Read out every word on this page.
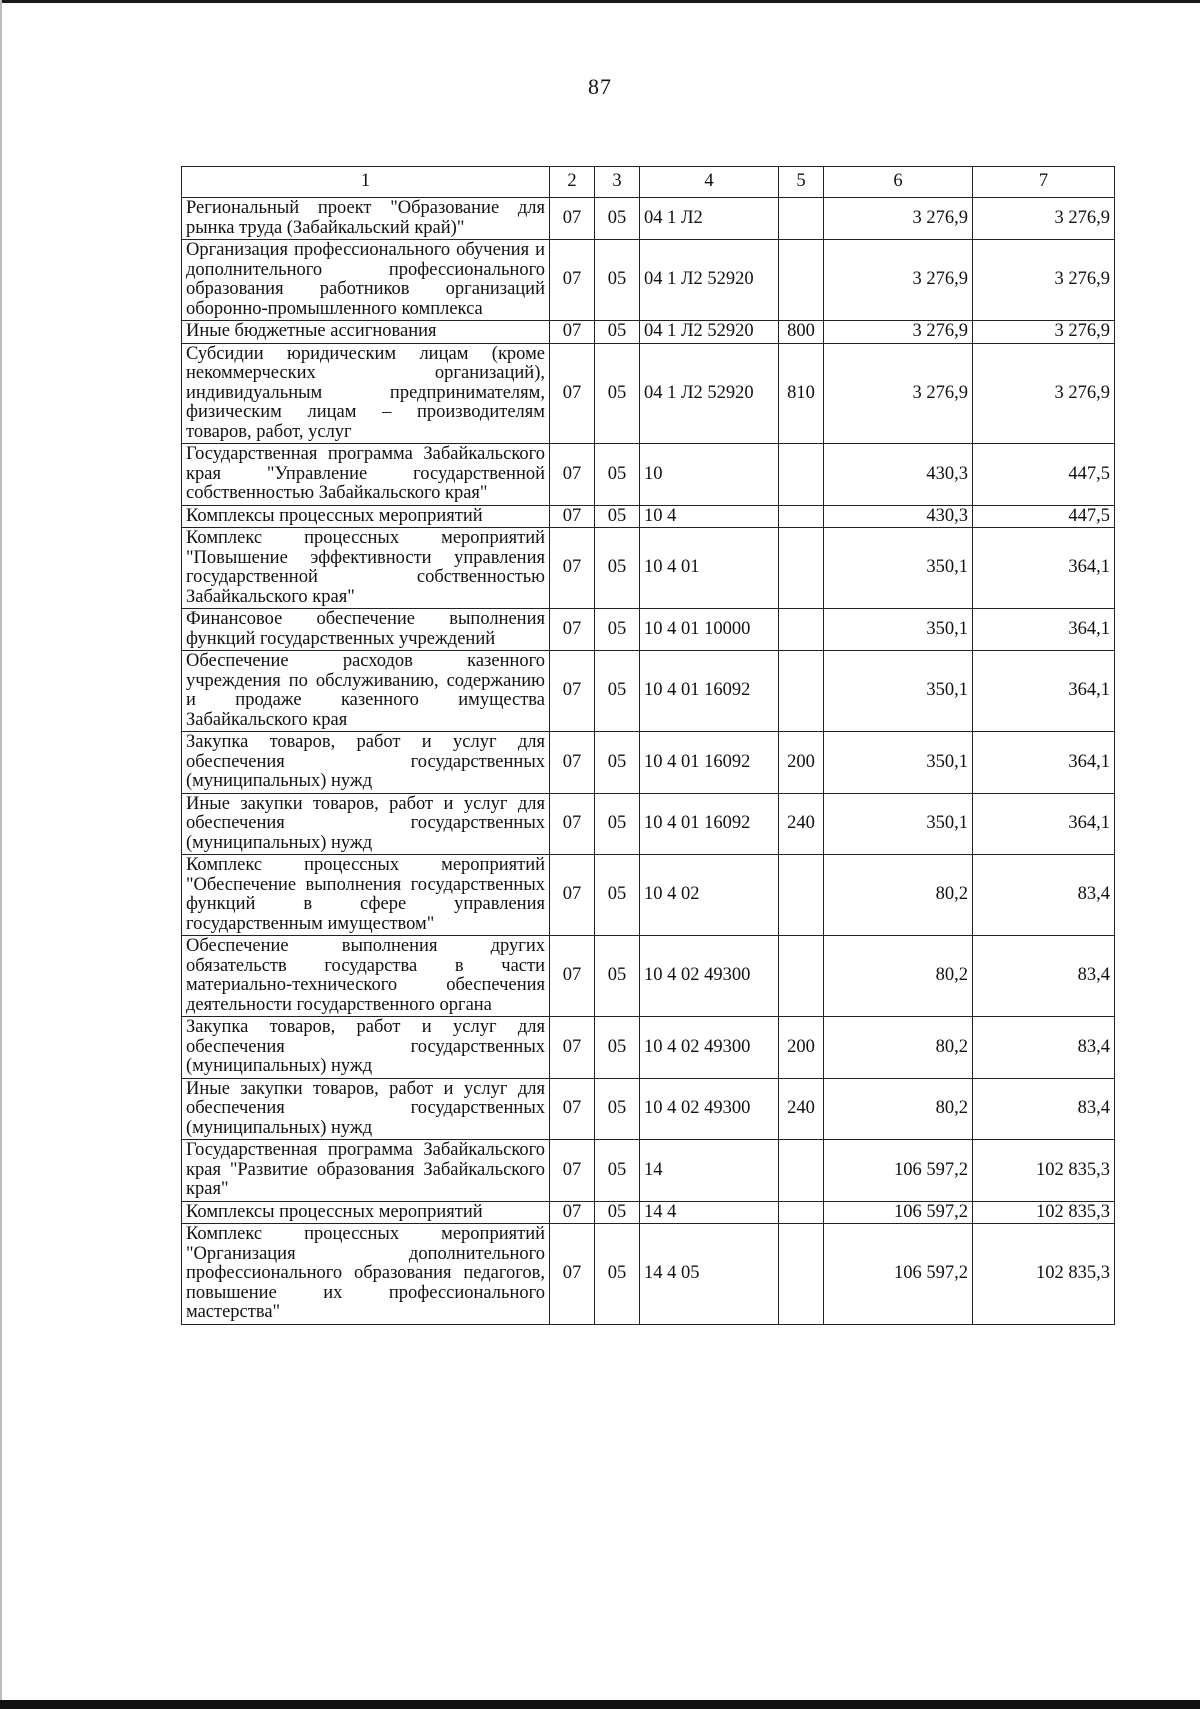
87
1	2	3	4	5	6	7
Региональный проект "Образование для рынка труда (Забайкальский край)"	07	05	04 1 Л2		3 276,9	3 276,9
Организация профессионального обучения и дополнительного профессионального образования работников организаций оборонно-промышленного комплекса	07	05	04 1 Л2 52920		3 276,9	3 276,9
Иные бюджетные ассигнования	07	05	04 1 Л2 52920	800	3 276,9	3 276,9
Субсидии юридическим лицам (кроме некоммерческих организаций), индивидуальным предпринимателям, физическим лицам – производителям товаров, работ, услуг	07	05	04 1 Л2 52920	810	3 276,9	3 276,9
Государственная программа Забайкальского края "Управление государственной собственностью Забайкальского края"	07	05	10		430,3	447,5
Комплексы процессных мероприятий	07	05	10 4		430,3	447,5
Комплекс процессных мероприятий "Повышение эффективности управления государственной собственностью Забайкальского края"	07	05	10 4 01		350,1	364,1
Финансовое обеспечение выполнения функций государственных учреждений	07	05	10 4 01 10000		350,1	364,1
Обеспечение расходов казенного учреждения по обслуживанию, содержанию и продаже казенного имущества Забайкальского края	07	05	10 4 01 16092		350,1	364,1
Закупка товаров, работ и услуг для обеспечения государственных (муниципальных) нужд	07	05	10 4 01 16092	200	350,1	364,1
Иные закупки товаров, работ и услуг для обеспечения государственных (муниципальных) нужд	07	05	10 4 01 16092	240	350,1	364,1
Комплекс процессных мероприятий "Обеспечение выполнения государственных функций в сфере управления государственным имуществом"	07	05	10 4 02		80,2	83,4
Обеспечение выполнения других обязательств государства в части материально-технического обеспечения деятельности государственного органа	07	05	10 4 02 49300		80,2	83,4
Закупка товаров, работ и услуг для обеспечения государственных (муниципальных) нужд	07	05	10 4 02 49300	200	80,2	83,4
Иные закупки товаров, работ и услуг для обеспечения государственных (муниципальных) нужд	07	05	10 4 02 49300	240	80,2	83,4
Государственная программа Забайкальского края "Развитие образования Забайкальского края"	07	05	14		106 597,2	102 835,3
Комплексы процессных мероприятий	07	05	14 4		106 597,2	102 835,3
Комплекс процессных мероприятий "Организация дополнительного профессионального образования педагогов, повышение их профессионального мастерства"	07	05	14 4 05		106 597,2	102 835,3
